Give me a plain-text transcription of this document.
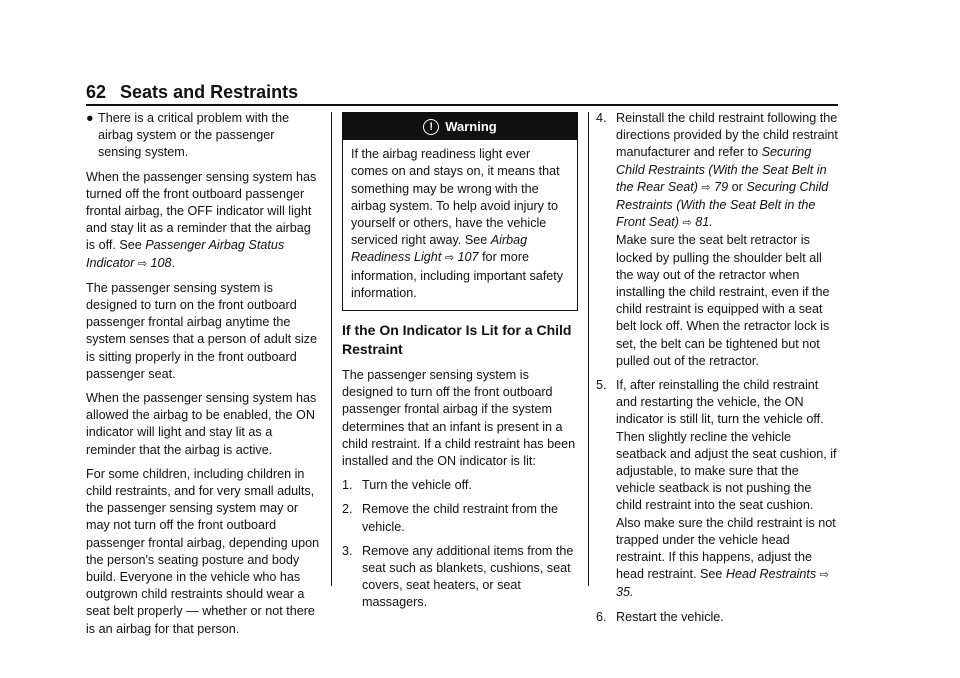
62 Seats and Restraints
● There is a critical problem with the airbag system or the passenger sensing system.

When the passenger sensing system has turned off the front outboard passenger frontal airbag, the OFF indicator will light and stay lit as a reminder that the airbag is off. See Passenger Airbag Status Indicator ⇨ 108.

The passenger sensing system is designed to turn on the front outboard passenger frontal airbag anytime the system senses that a person of adult size is sitting properly in the front outboard passenger seat.

When the passenger sensing system has allowed the airbag to be enabled, the ON indicator will light and stay lit as a reminder that the airbag is active.

For some children, including children in child restraints, and for very small adults, the passenger sensing system may or may not turn off the front outboard passenger frontal airbag, depending upon the person's seating posture and body build. Everyone in the vehicle who has outgrown child restraints should wear a seat belt properly — whether or not there is an airbag for that person.

! Warning
If the airbag readiness light ever comes on and stays on, it means that something may be wrong with the airbag system. To help avoid injury to yourself or others, have the vehicle serviced right away. See Airbag Readiness Light ⇨ 107 for more information, including important safety information.
If the On Indicator Is Lit for a Child Restraint

The passenger sensing system is designed to turn off the front outboard passenger frontal airbag if the system determines that an infant is present in a child restraint. If a child restraint has been installed and the ON indicator is lit:

1. Turn the vehicle off.
2. Remove the child restraint from the vehicle.
3. Remove any additional items from the seat such as blankets, cushions, seat covers, seat heaters, or seat massagers.
4. Reinstall the child restraint following the directions provided by the child restraint manufacturer and refer to Securing Child Restraints (With the Seat Belt in the Rear Seat) ⇨ 79 or Securing Child Restraints (With the Seat Belt in the Front Seat) ⇨ 81.

Make sure the seat belt retractor is locked by pulling the shoulder belt all the way out of the retractor when installing the child restraint, even if the child restraint is equipped with a seat belt lock off. When the retractor lock is set, the belt can be tightened but not pulled out of the retractor.

5. If, after reinstalling the child restraint and restarting the vehicle, the ON indicator is still lit, turn the vehicle off. Then slightly recline the vehicle seatback and adjust the seat cushion, if adjustable, to make sure that the vehicle seatback is not pushing the child restraint into the seat cushion.

Also make sure the child restraint is not trapped under the vehicle head restraint. If this happens, adjust the head restraint. See Head Restraints ⇨ 35.

6. Restart the vehicle.
